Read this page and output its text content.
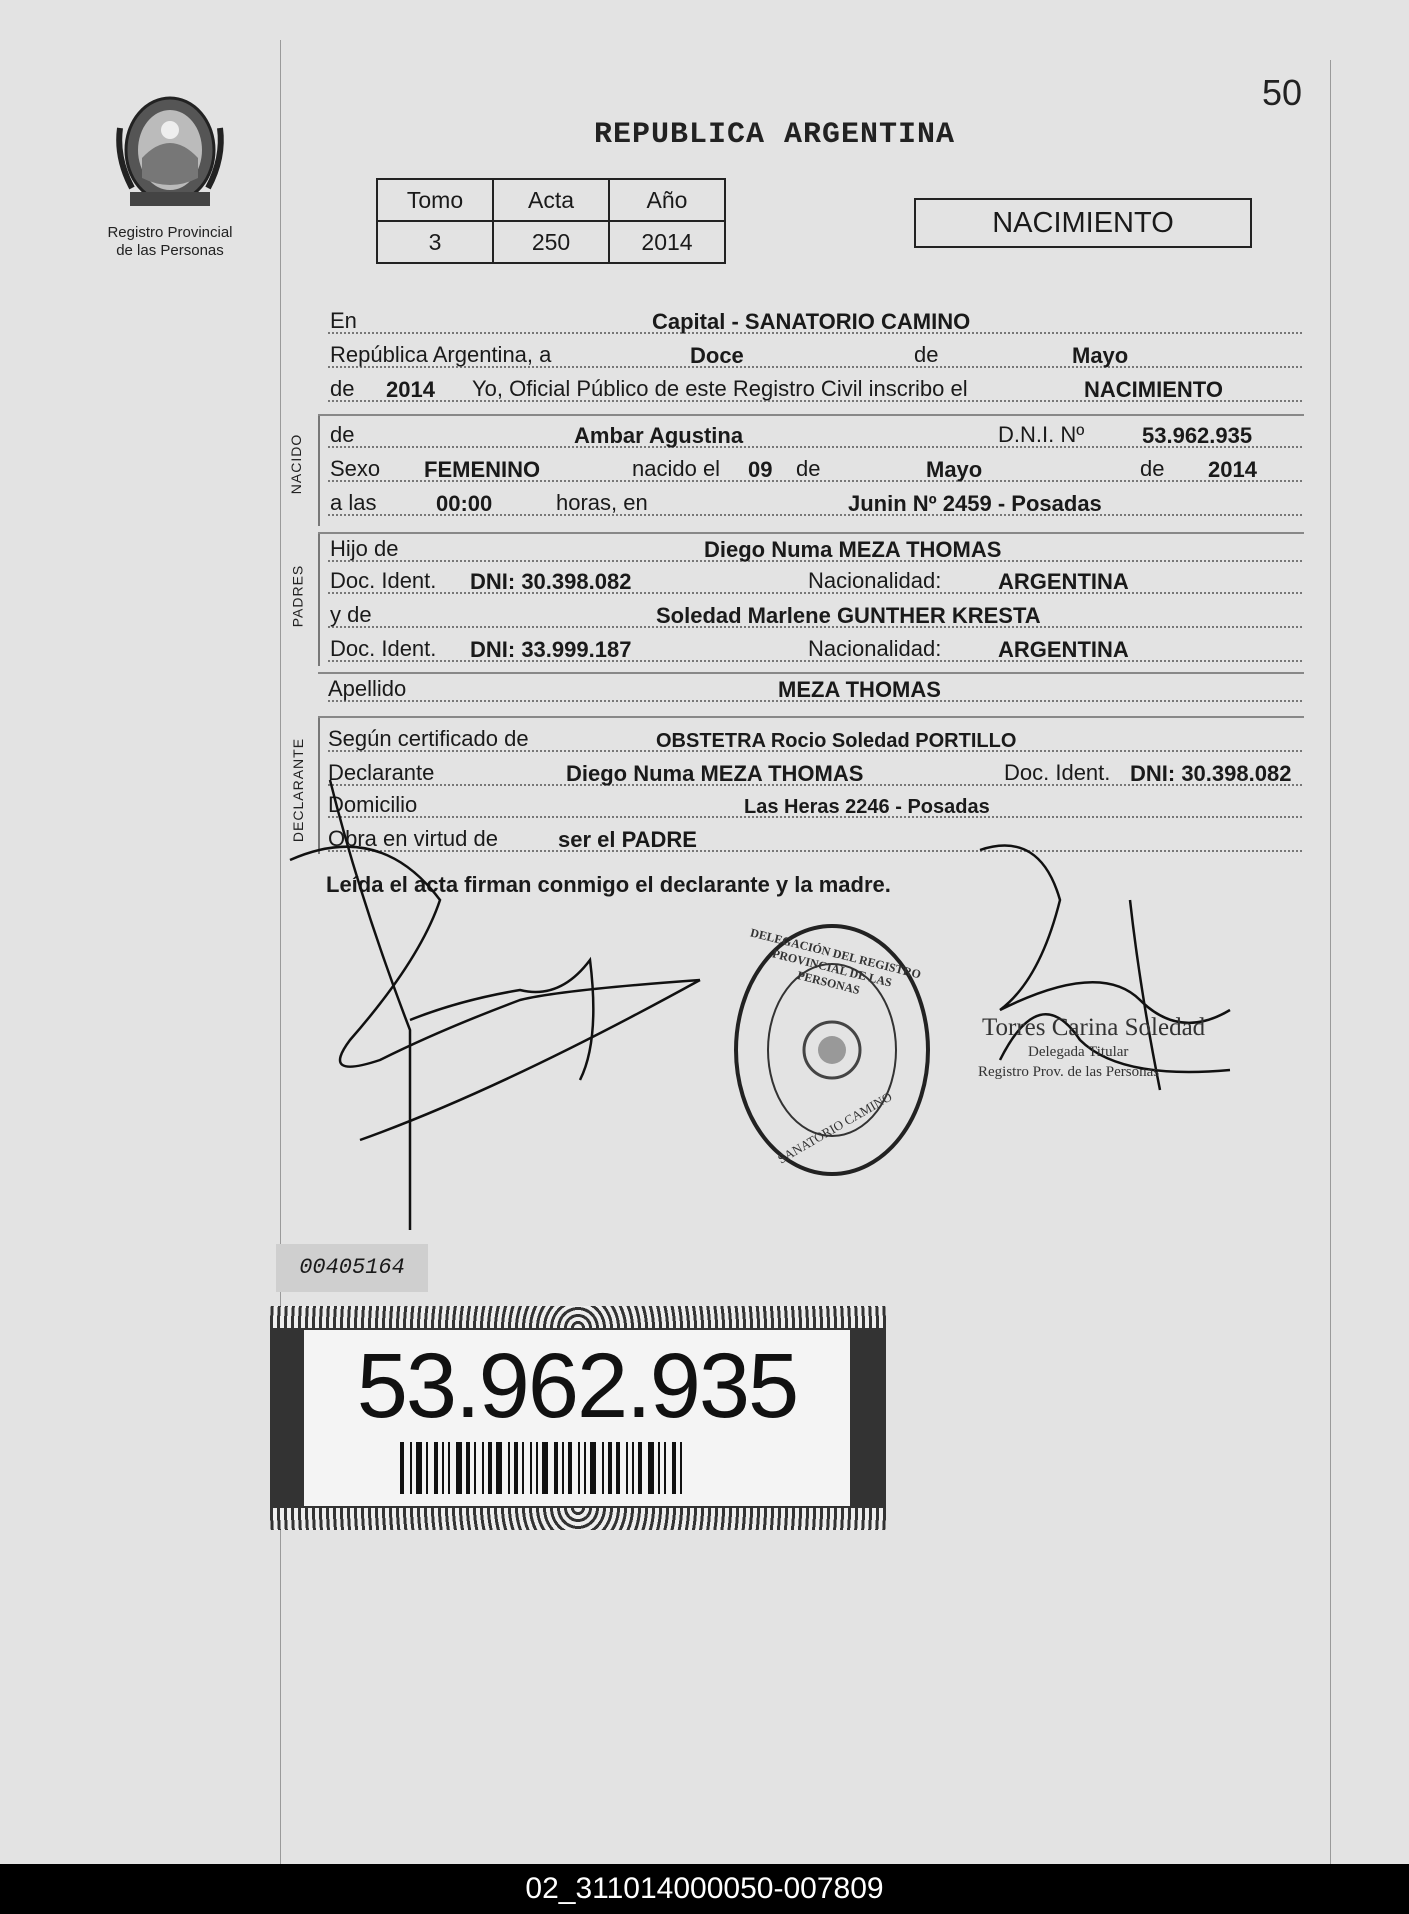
50
Registro Provincial
de las Personas
REPUBLICA ARGENTINA
Tomo	Acta	Año
3	250	2014
NACIMIENTO
En	Capital - SANATORIO CAMINO
República Argentina, a	Doce	de	Mayo
de 2014 Yo, Oficial Público de este Registro Civil inscribo el	NACIMIENTO
NACIDO de	Ambar Agustina	D.N.I. Nº	53.962.935
Sexo FEMENINO	nacido el 09 de	Mayo	de 2014
a las	00:00	horas, en	Junin Nº 2459 - Posadas
PADRES
Hijo de	Diego Numa MEZA THOMAS
Doc. Ident. DNI: 30.398.082	Nacionalidad:	ARGENTINA
y de	Soledad Marlene GUNTHER KRESTA
Doc. Ident. DNI: 33.999.187	Nacionalidad:	ARGENTINA
Apellido	MEZA THOMAS
DECLARANTE Según certificado de	OBSTETRA Rocio Soledad PORTILLO
Declarante	Diego Numa MEZA THOMAS	Doc. Ident. DNI: 30.398.082
Domicilio	Las Heras 2246 - Posadas
Obra en virtud de	ser el PADRE
Leída el acta firman conmigo el declarante y la madre.
DELEGACIÓN DEL REGISTRO PROVINCIAL DE LAS PERSONAS
SANATORIO CAMINO
Torres Carina Soledad
Delegada Titular
Registro Prov. de las Personas
00405164
53.962.935
02_311014000050-007809
